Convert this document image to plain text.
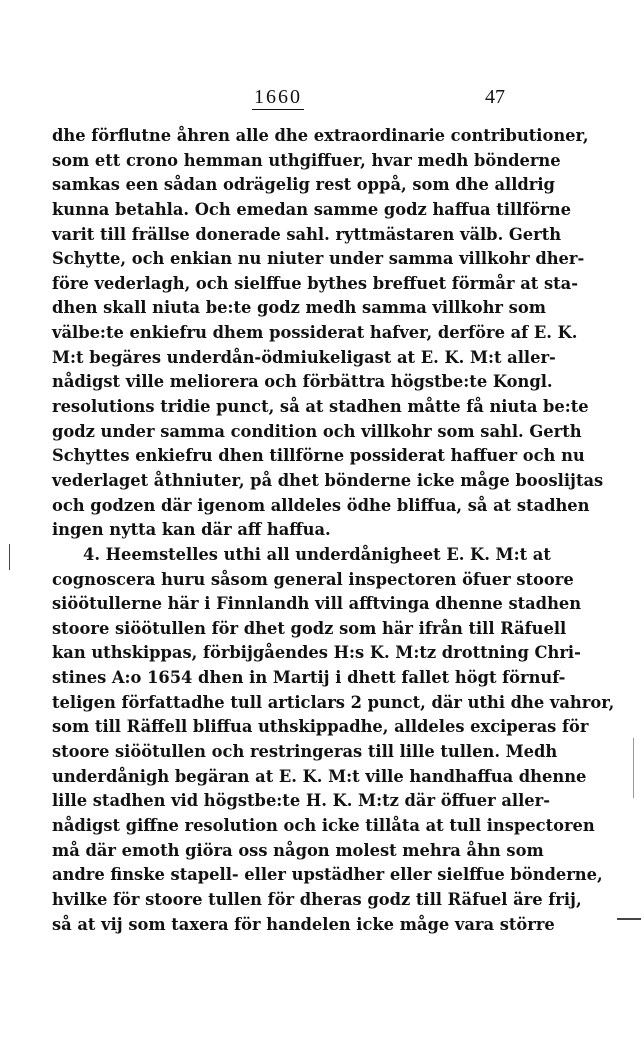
1660	47
dhe förflutne åhren alle dhe extraordinarie contributioner,
som ett crono hemman uthgiffuer, hvar medh bönderne
samkas een sådan odrägelig rest oppå, som dhe alldrig
kunna betahla. Och emedan samme godz haffua tillförne
varit till frällse donerade sahl. ryttmästaren välb. Gerth
Schytte, och enkian nu niuter under samma villkohr dher-
före vederlagh, och sielffue bythes breffuet förmår at sta-
dhen skall niuta be:te godz medh samma villkohr som
välbe:te enkiefru dhem possiderat hafver, derföre af E. K.
M:t begäres underdån-ödmiukeligast at E. K. M:t aller-
nådigst ville meliorera och förbättra högstbe:te Kongl.
resolutions tridie punct, så at stadhen måtte få niuta be:te
godz under samma condition och villkohr som sahl. Gerth
Schyttes enkiefru dhen tillförne possiderat haffuer och nu
vederlaget åthniuter, på dhet bönderne icke måge booslijtas
och godzen där igenom alldeles ödhe bliffua, så at stadhen
ingen nytta kan där aff haffua.
4. Heemstelles uthi all underdånigheet E. K. M:t at
cognoscera huru såsom general inspectoren öfuer stoore
siöötullerne här i Finnlandh vill afftvinga dhenne stadhen
stoore siöötullen för dhet godz som här ifrån till Räfuell
kan uthskippas, förbijgåendes H:s K. M:tz drottning Chri-
stines A:o 1654 dhen in Martij i dhett fallet högt förnuf-
teligen författadhe tull articlars 2 punct, där uthi dhe vahror,
som till Räffell bliffua uthskippadhe, alldeles exciperas för
stoore siöötullen och restringeras till lille tullen. Medh
underdånigh begäran at E. K. M:t ville handhaffua dhenne
lille stadhen vid högstbe:te H. K. M:tz där öffuer aller-
nådigst giffne resolution och icke tillåta at tull inspectoren
må där emoth giöra oss någon molest mehra åhn som
andre finske stapell- eller upstädher eller sielffue bönderne,
hvilke för stoore tullen för dheras godz till Räfuel äre frij,
så at vij som taxera för handelen icke måge vara större
